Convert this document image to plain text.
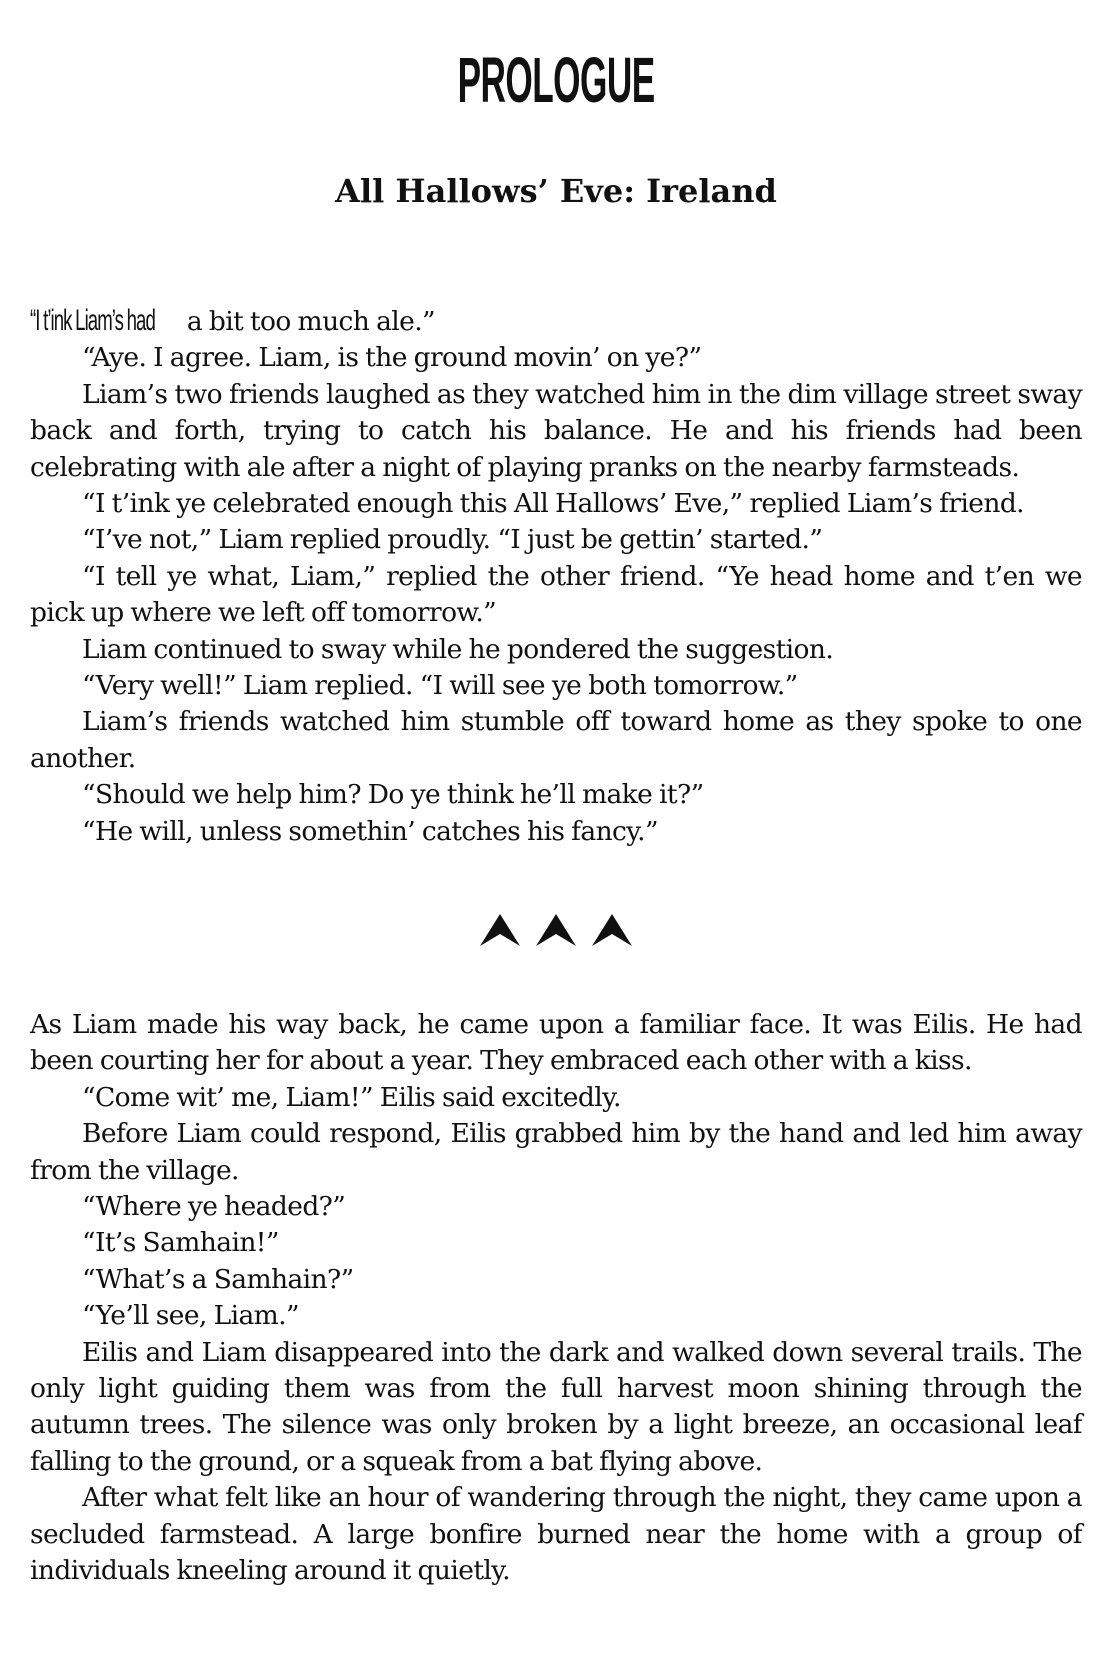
PROLOGUE
All Hallows’ Eve: Ireland

“I t’ink Liam’s had a bit too much ale.”

“Aye. I agree. Liam, is the ground movin’ on ye?”

Liam’s two friends laughed as they watched him in the dim village street sway back and forth, trying to catch his balance. He and his friends had been celebrating with ale after a night of playing pranks on the nearby farmsteads.

“I t’ink ye celebrated enough this All Hallows’ Eve,” replied Liam’s friend.

“I’ve not,” Liam replied proudly. “I just be gettin’ started.”

“I tell ye what, Liam,” replied the other friend. “Ye head home and t’en we pick up where we left off tomorrow.”

Liam continued to sway while he pondered the suggestion.

“Very well!” Liam replied. “I will see ye both tomorrow.”

Liam’s friends watched him stumble off toward home as they spoke to one another.

“Should we help him? Do ye think he’ll make it?”

“He will, unless somethin’ catches his fancy.”

As Liam made his way back, he came upon a familiar face. It was Eilis. He had been courting her for about a year. They embraced each other with a kiss.

“Come wit’ me, Liam!” Eilis said excitedly.

Before Liam could respond, Eilis grabbed him by the hand and led him away from the village.

“Where ye headed?”

“It’s Samhain!”

“What’s a Samhain?”

“Ye’ll see, Liam.”

Eilis and Liam disappeared into the dark and walked down several trails. The only light guiding them was from the full harvest moon shining through the autumn trees. The silence was only broken by a light breeze, an occasional leaf falling to the ground, or a squeak from a bat flying above.

After what felt like an hour of wandering through the night, they came upon a secluded farmstead. A large bonfire burned near the home with a group of individuals kneeling around it quietly.
